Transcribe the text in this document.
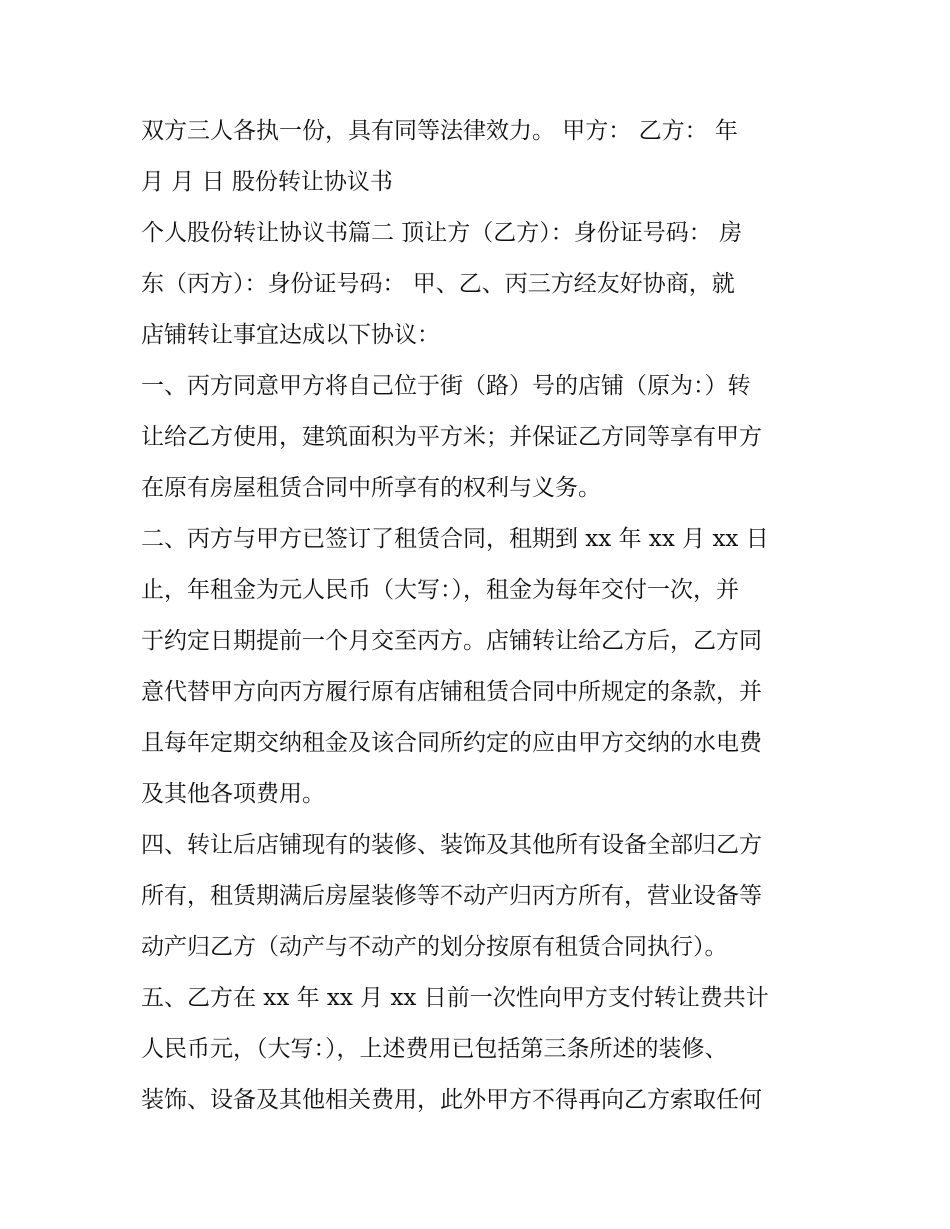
双方三人各执一份，具有同等法律效力。 甲方： 乙方： 年
月 月 日 股份转让协议书
个人股份转让协议书篇二 顶让方（乙方）：身份证号码： 房
东（丙方）：身份证号码： 甲、乙、丙三方经友好协商，就
店铺转让事宜达成以下协议：
一、丙方同意甲方将自己位于街（路）号的店铺（原为：）转
让给乙方使用，建筑面积为平方米；并保证乙方同等享有甲方
在原有房屋租赁合同中所享有的权利与义务。
二、丙方与甲方已签订了租赁合同，租期到 xx 年 xx 月 xx 日
止，年租金为元人民币（大写：），租金为每年交付一次，并
于约定日期提前一个月交至丙方。店铺转让给乙方后，乙方同
意代替甲方向丙方履行原有店铺租赁合同中所规定的条款，并
且每年定期交纳租金及该合同所约定的应由甲方交纳的水电费
及其他各项费用。
四、转让后店铺现有的装修、装饰及其他所有设备全部归乙方
所有，租赁期满后房屋装修等不动产归丙方所有，营业设备等
动产归乙方（动产与不动产的划分按原有租赁合同执行）。
五、乙方在 xx 年 xx 月 xx 日前一次性向甲方支付转让费共计
人民币元，（大写：），上述费用已包括第三条所述的装修、
装饰、设备及其他相关费用，此外甲方不得再向乙方索取任何
